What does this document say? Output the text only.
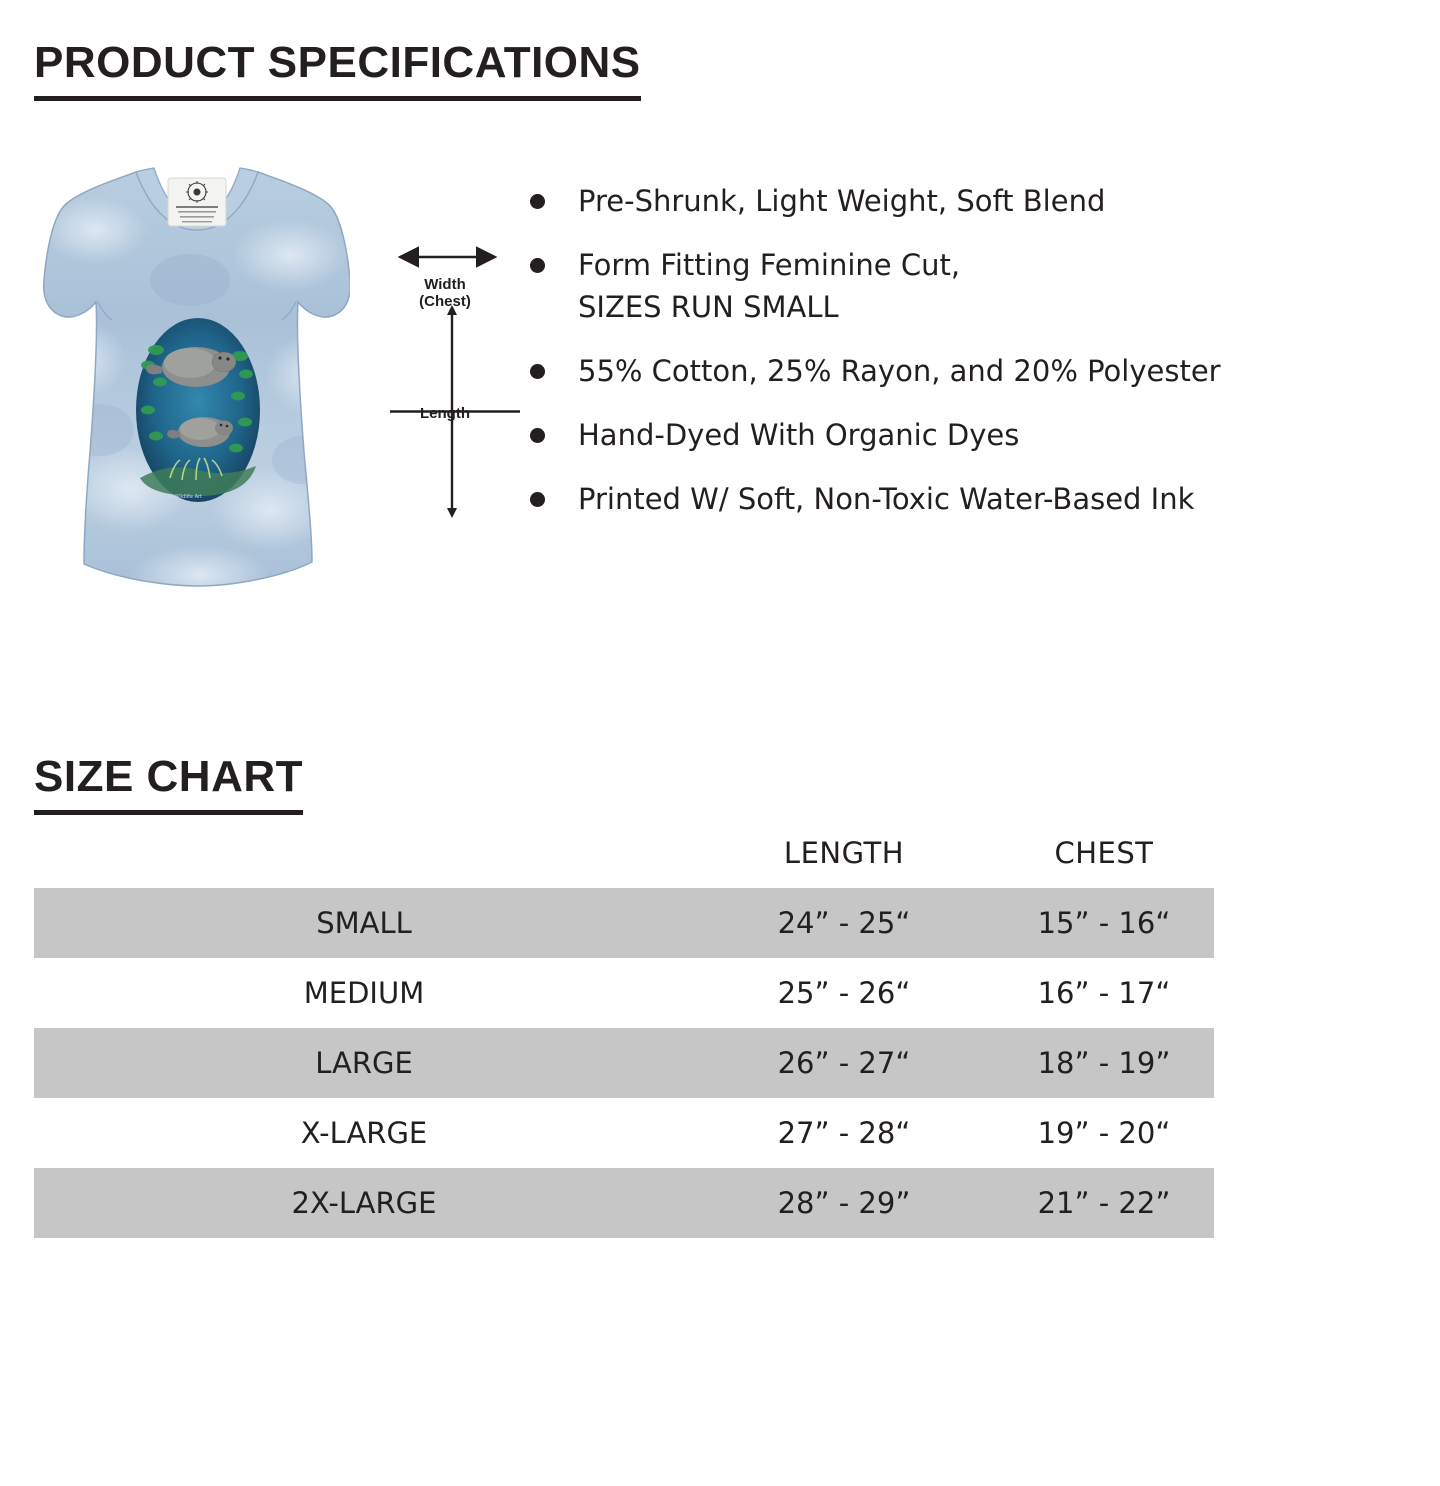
PRODUCT SPECIFICATIONS
© Wildlife Art
Width
(Chest)
Length
Pre-Shrunk, Light Weight, Soft Blend
Form Fitting Feminine Cut,
SIZES RUN SMALL
55% Cotton, 25% Rayon, and 20% Polyester
Hand-Dyed With Organic Dyes
Printed W/ Soft, Non-Toxic Water-Based Ink
SIZE CHART
	LENGTH	CHEST
SMALL	24” - 25“	15” - 16“
MEDIUM	25” - 26“	16” - 17“
LARGE	26” - 27“	18” - 19”
X-LARGE	27” - 28“	19” - 20“
2X-LARGE	28” - 29”	21” - 22”
